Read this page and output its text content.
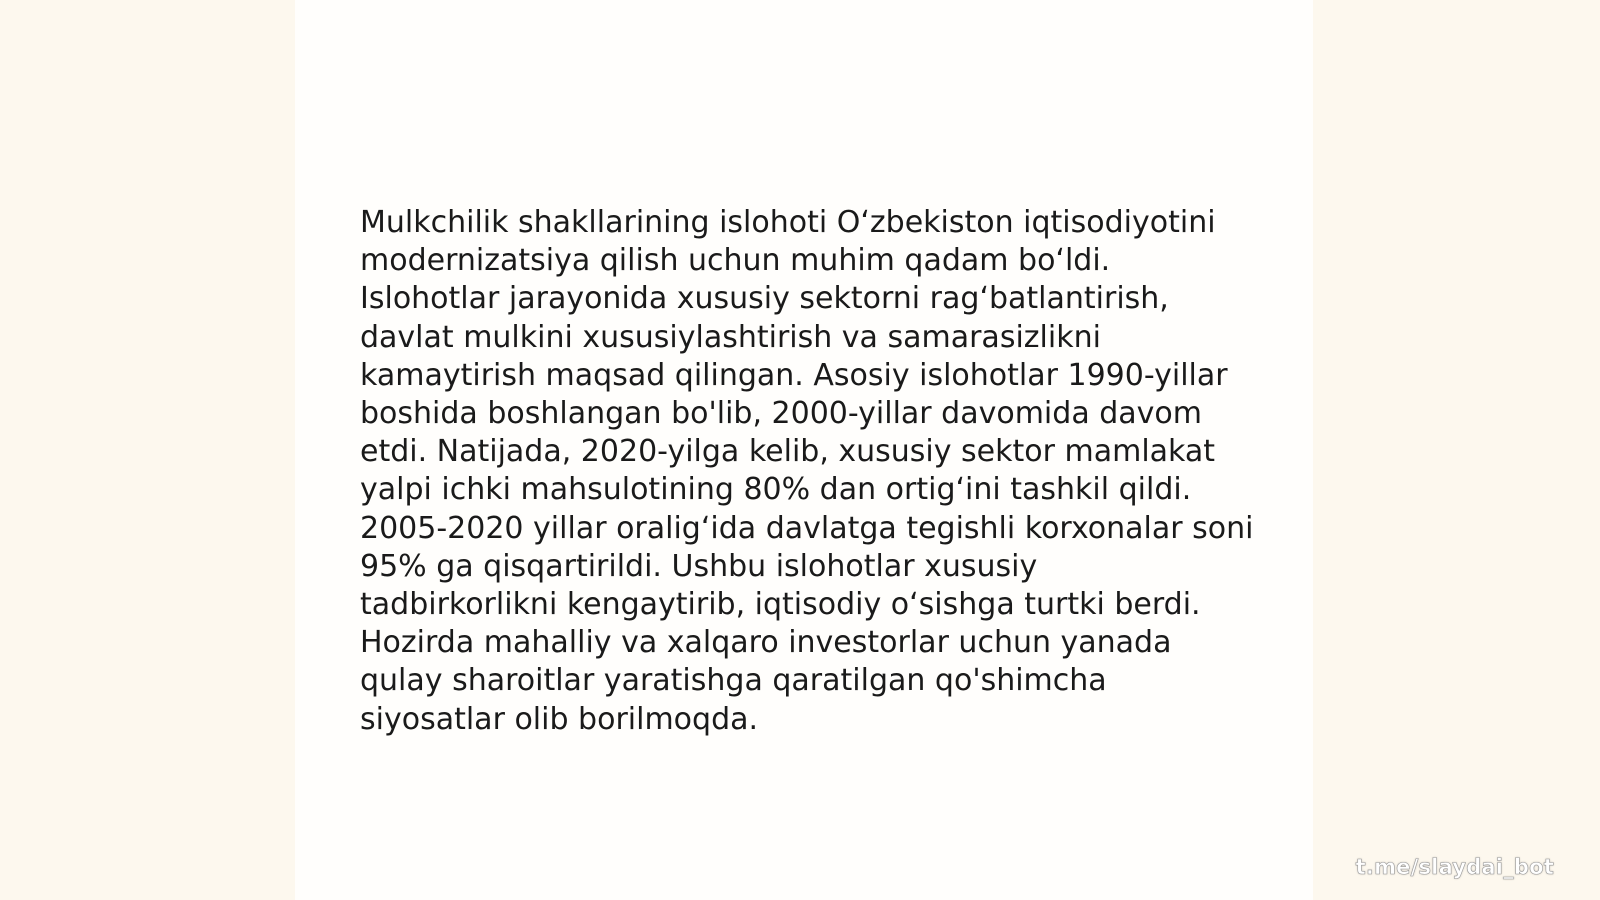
Mulkchilik shakllarining islohoti O‘zbekiston iqtisodiyotini
modernizatsiya qilish uchun muhim qadam bo‘ldi.
Islohotlar jarayonida xususiy sektorni rag‘batlantirish,
davlat mulkini xususiylashtirish va samarasizlikni
kamaytirish maqsad qilingan. Asosiy islohotlar 1990-yillar
boshida boshlangan bo'lib, 2000-yillar davomida davom
etdi. Natijada, 2020-yilga kelib, xususiy sektor mamlakat
yalpi ichki mahsulotining 80% dan ortig‘ini tashkil qildi.
2005-2020 yillar oralig‘ida davlatga tegishli korxonalar soni
95% ga qisqartirildi. Ushbu islohotlar xususiy
tadbirkorlikni kengaytirib, iqtisodiy o‘sishga turtki berdi.
Hozirda mahalliy va xalqaro investorlar uchun yanada
qulay sharoitlar yaratishga qaratilgan qo'shimcha
siyosatlar olib borilmoqda.

t.me/slaydai_bot
